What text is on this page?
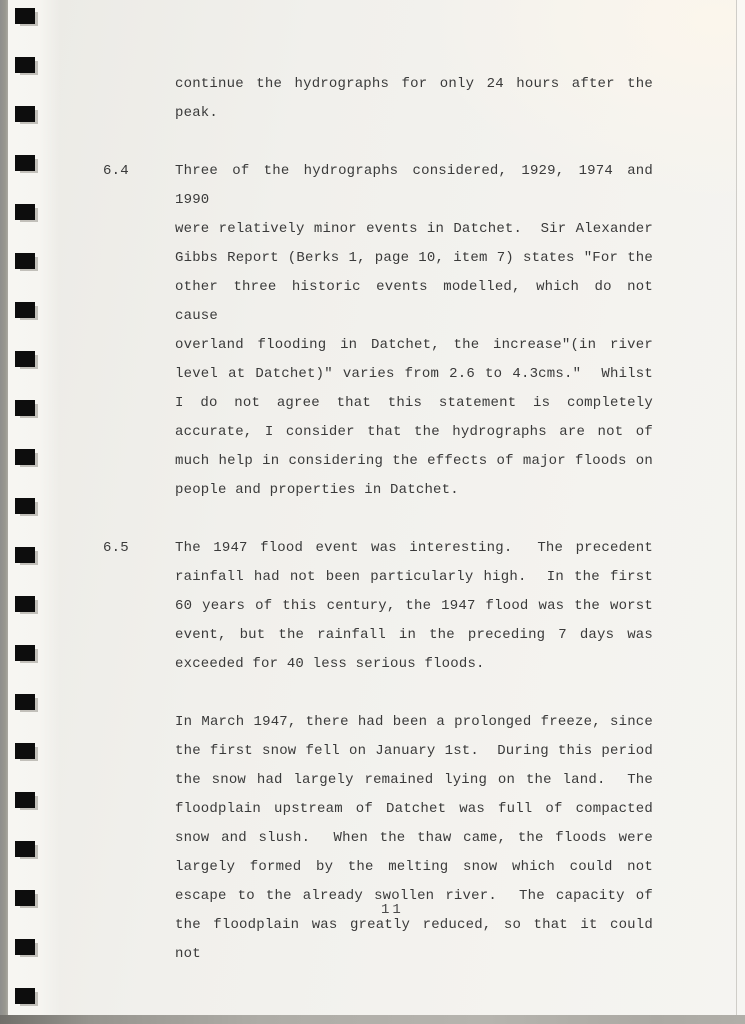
continue the hydrographs for only 24 hours after the
peak.
6.4	Three of the hydrographs considered, 1929, 1974 and 1990
were relatively minor events in Datchet.  Sir Alexander
Gibbs Report (Berks 1, page 10, item 7) states "For the
other three historic events modelled, which do not cause
overland flooding in Datchet, the increase"(in river
level at Datchet)" varies from 2.6 to 4.3cms."  Whilst
I do not agree that this statement is completely
accurate, I consider that the hydrographs are not of
much help in considering the effects of major floods on
people and properties in Datchet.
6.5	The 1947 flood event was interesting.  The precedent
rainfall had not been particularly high.  In the first
60 years of this century, the 1947 flood was the worst
event, but the rainfall in the preceding 7 days was
exceeded for 40 less serious floods.
In March 1947, there had been a prolonged freeze, since
the first snow fell on January 1st.  During this period
the snow had largely remained lying on the land.  The
floodplain upstream of Datchet was full of compacted
snow and slush.  When the thaw came, the floods were
largely formed by the melting snow which could not
escape to the already swollen river.  The capacity of
the floodplain was greatly reduced, so that it could not
11
